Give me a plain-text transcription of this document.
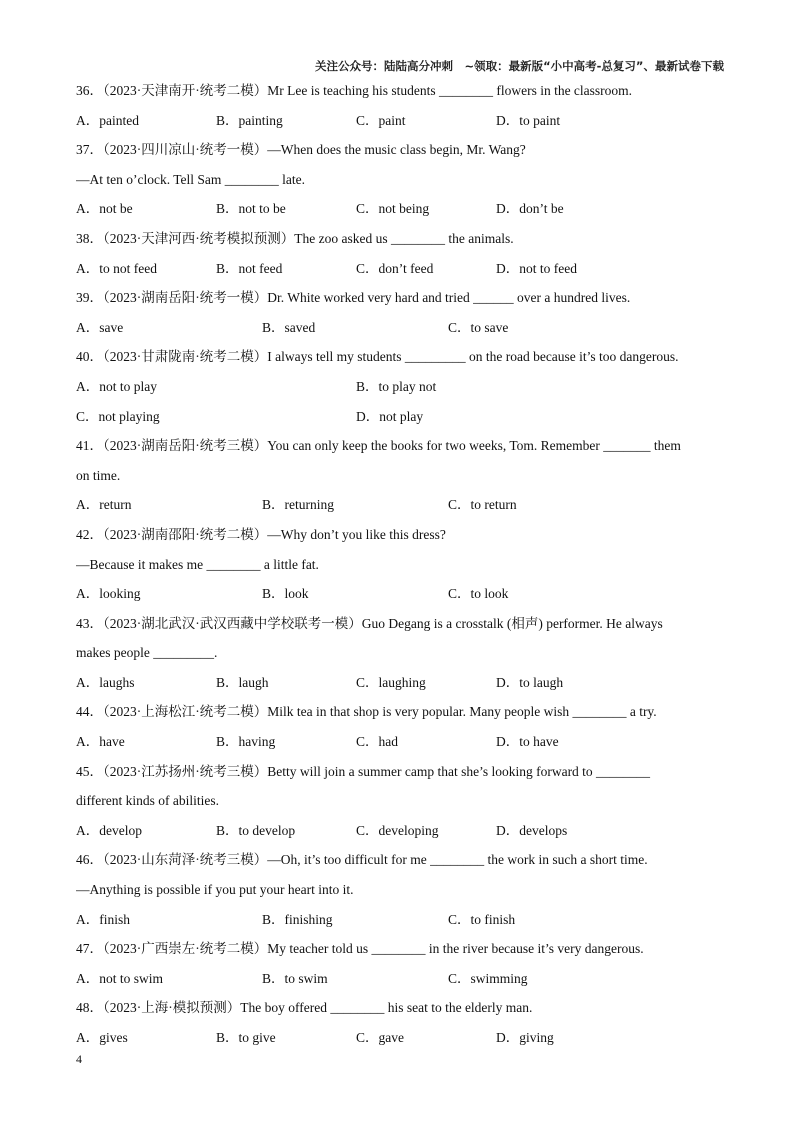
关注公众号：陆陆高分冲刺　~领取：最新版“小中高考-总复习”、最新试卷下载
36．（2023·天津南开·统考二模）Mr Lee is teaching his students ________ flowers in the classroom.
A．painted	B．painting	C．paint	D．to paint
37．（2023·四川凉山·统考一模）—When does the music class begin, Mr. Wang?
—At ten o’clock. Tell Sam ________ late.
A．not be	B．not to be	C．not being	D．don’t be
38．（2023·天津河西·统考模拟预测）The zoo asked us ________ the animals.
A．to not feed	B．not feed	C．don’t feed	D．not to feed
39．（2023·湖南岳阳·统考一模）Dr. White worked very hard and tried ______ over a hundred lives.
A．save	B．saved	C．to save
40．（2023·甘肃陇南·统考二模）I always tell my students _________ on the road because it’s too dangerous.
A．not to play	B．to play not
C．not playing	D．not play
41．（2023·湖南岳阳·统考三模）You can only keep the books for two weeks, Tom. Remember _______ them
on time.
A．return	B．returning	C．to return
42．（2023·湖南邵阳·统考二模）—Why don’t you like this dress?
—Because it makes me ________ a little fat.
A．looking	B．look	C．to look
43．（2023·湖北武汉·武汉西藏中学校联考一模）Guo Degang is a crosstalk (相声) performer. He always
makes people _________.
A．laughs	B．laugh	C．laughing	D．to laugh
44．（2023·上海松江·统考二模）Milk tea in that shop is very popular. Many people wish ________ a try.
A．have	B．having	C．had	D．to have
45．（2023·江苏扬州·统考三模）Betty will join a summer camp that she’s looking forward to ________
different kinds of abilities.
A．develop	B．to develop	C．developing	D．develops
46．（2023·山东菏泽·统考三模）—Oh, it’s too difficult for me ________ the work in such a short time.
—Anything is possible if you put your heart into it.
A．finish	B．finishing	C．to finish
47．（2023·广西崇左·统考二模）My teacher told us ________ in the river because it’s very dangerous.
A．not to swim	B．to swim	C．swimming
48．（2023·上海·模拟预测）The boy offered ________ his seat to the elderly man.
A．gives	B．to give	C．gave	D．giving
4
